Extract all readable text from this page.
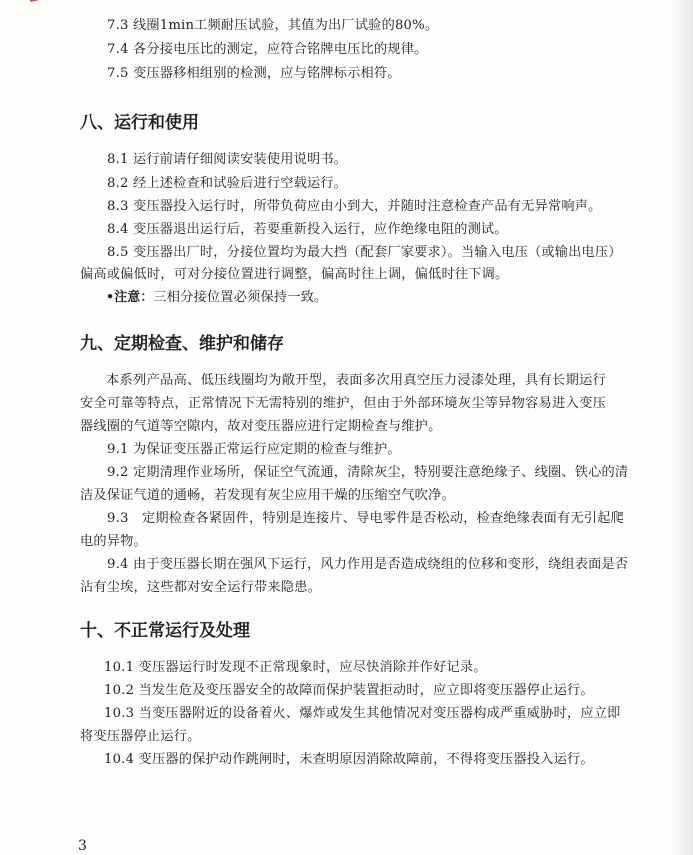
7.3 线圈1min工频耐压试验，其值为出厂试验的80%。

7.4 各分接电压比的测定，应符合铭牌电压比的规律。

7.5 变压器移相组别的检测，应与铭牌标示相符。

八、运行和使用

8.1 运行前请仔细阅读安装使用说明书。

8.2 经上述检查和试验后进行空载运行。

8.3 变压器投入运行时，所带负荷应由小到大，并随时注意检查产品有无异常响声。

8.4 变压器退出运行后，若要重新投入运行，应作绝缘电阻的测试。

8.5 变压器出厂时，分接位置均为最大挡（配套厂家要求）。当输入电压（或输出电压）

偏高或偏低时，可对分接位置进行调整，偏高时往上调，偏低时往下调。

•注意：三相分接位置必须保持一致。

九、定期检查、维护和储存

本系列产品高、低压线圈均为敞开型，表面多次用真空压力浸漆处理，具有长期运行

安全可靠等特点，正常情况下无需特别的维护，但由于外部环境灰尘等异物容易进入变压

器线圈的气道等空隙内，故对变压器应进行定期检查与维护。

9.1 为保证变压器正常运行应定期的检查与维护。

9.2 定期清理作业场所，保证空气流通，清除灰尘，特别要注意绝缘子、线圈、铁心的清

洁及保证气道的通畅，若发现有灰尘应用干燥的压缩空气吹净。

9.3　定期检查各紧固件，特别是连接片、导电零件是否松动，检查绝缘表面有无引起爬

电的异物。

9.4 由于变压器长期在强风下运行，风力作用是否造成绕组的位移和变形，绕组表面是否

沾有尘埃，这些都对安全运行带来隐患。

十、不正常运行及处理

10.1 变压器运行时发现不正常现象时，应尽快消除并作好记录。

10.2 当发生危及变压器安全的故障而保护装置拒动时，应立即将变压器停止运行。

10.3 当变压器附近的设备着火、爆炸或发生其他情况对变压器构成严重威胁时，应立即

将变压器停止运行。

10.4 变压器的保护动作跳闸时，未查明原因消除故障前，不得将变压器投入运行。

3
